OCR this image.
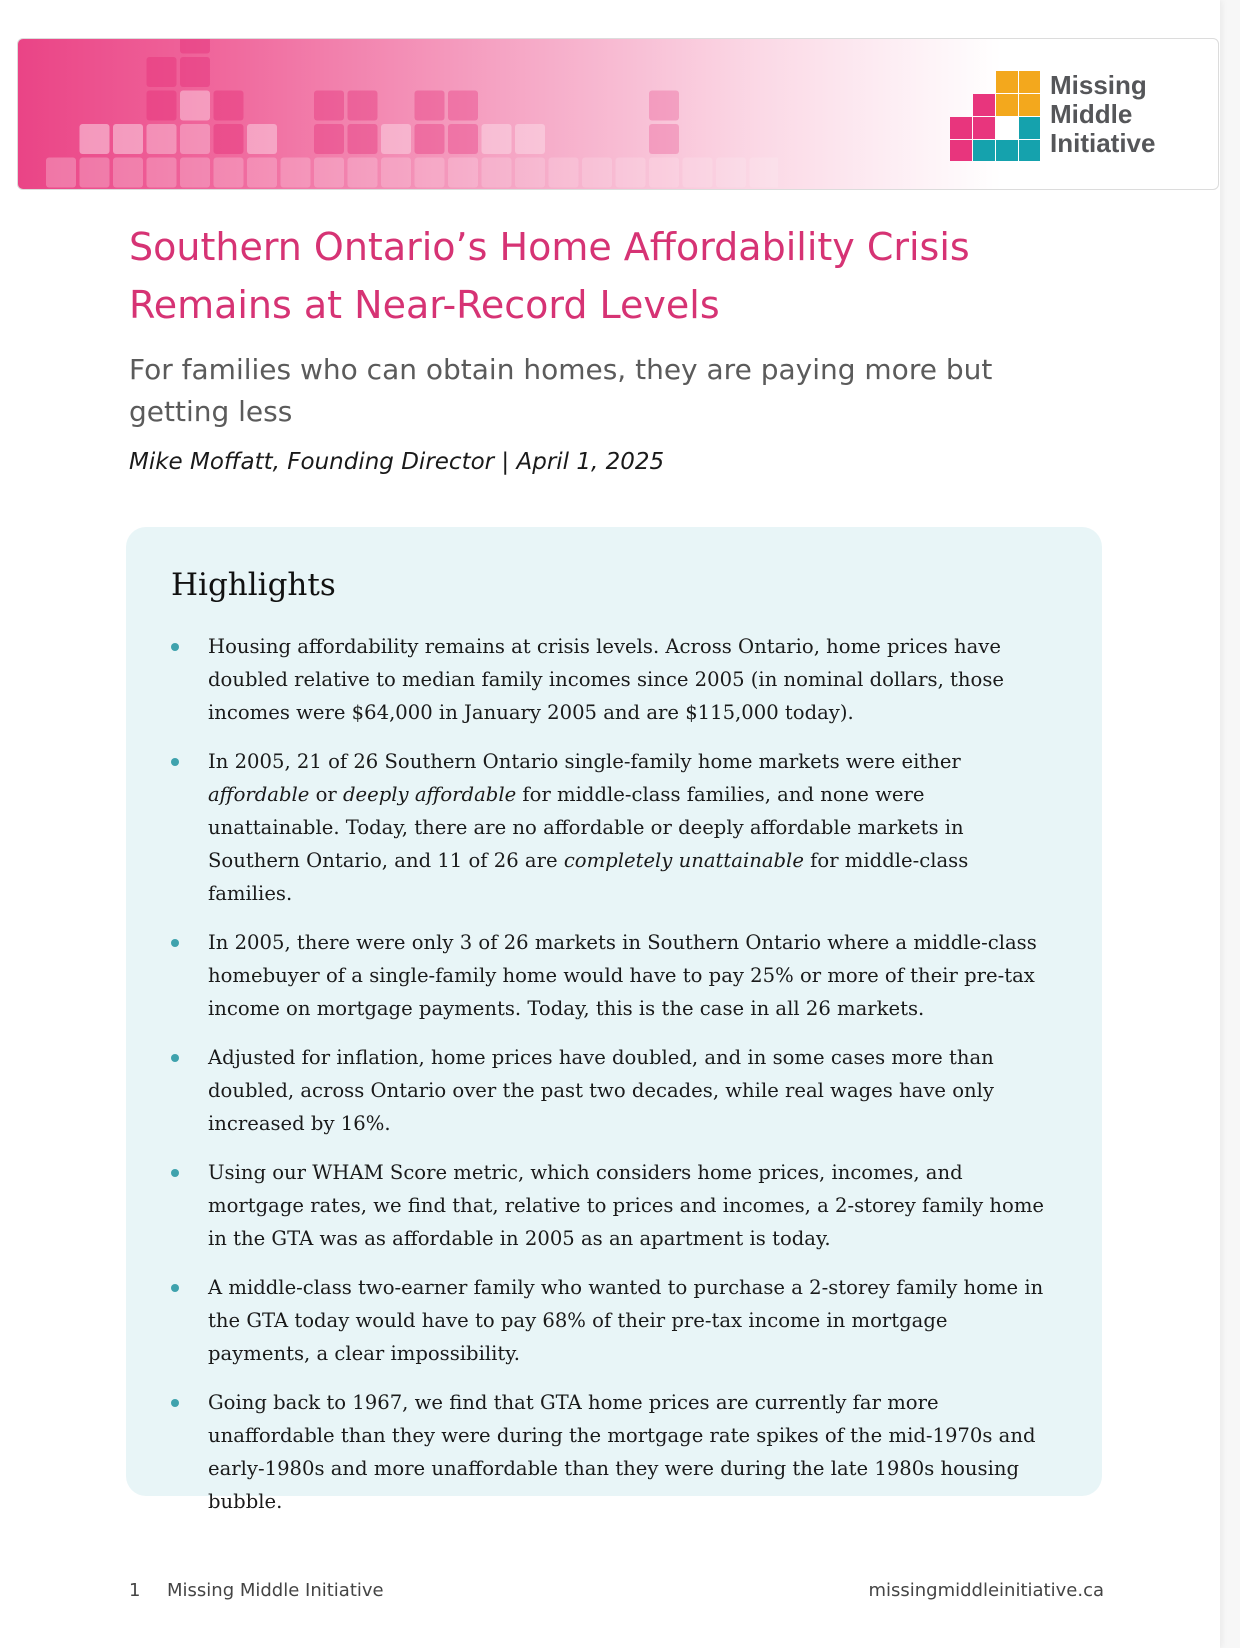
Missing
Middle
Initiative
Southern Ontario’s Home Affordability Crisis Remains at Near-Record Levels

For families who can obtain homes, they are paying more but getting less

Mike Moffatt, Founding Director | April 1, 2025

Highlights
Housing affordability remains at crisis levels. Across Ontario, home prices have doubled relative to median family incomes since 2005 (in nominal dollars, those incomes were $64,000 in January 2005 and are $115,000 today).
In 2005, 21 of 26 Southern Ontario single-family home markets were either affordable or deeply affordable for middle-class families, and none were unattainable. Today, there are no affordable or deeply affordable markets in Southern Ontario, and 11 of 26 are completely unattainable for middle-class families.
In 2005, there were only 3 of 26 markets in Southern Ontario where a middle-class homebuyer of a single-family home would have to pay 25% or more of their pre-tax income on mortgage payments. Today, this is the case in all 26 markets.
Adjusted for inflation, home prices have doubled, and in some cases more than doubled, across Ontario over the past two decades, while real wages have only increased by 16%.
Using our WHAM Score metric, which considers home prices, incomes, and mortgage rates, we find that, relative to prices and incomes, a 2-storey family home in the GTA was as affordable in 2005 as an apartment is today.
A middle-class two-earner family who wanted to purchase a 2-storey family home in the GTA today would have to pay 68% of their pre-tax income in mortgage payments, a clear impossibility.
Going back to 1967, we find that GTA home prices are currently far more unaffordable than they were during the mortgage rate spikes of the mid-1970s and early-1980s and more unaffordable than they were during the late 1980s housing bubble.
1 Missing Middle Initiative	missingmiddleinitiative.ca
